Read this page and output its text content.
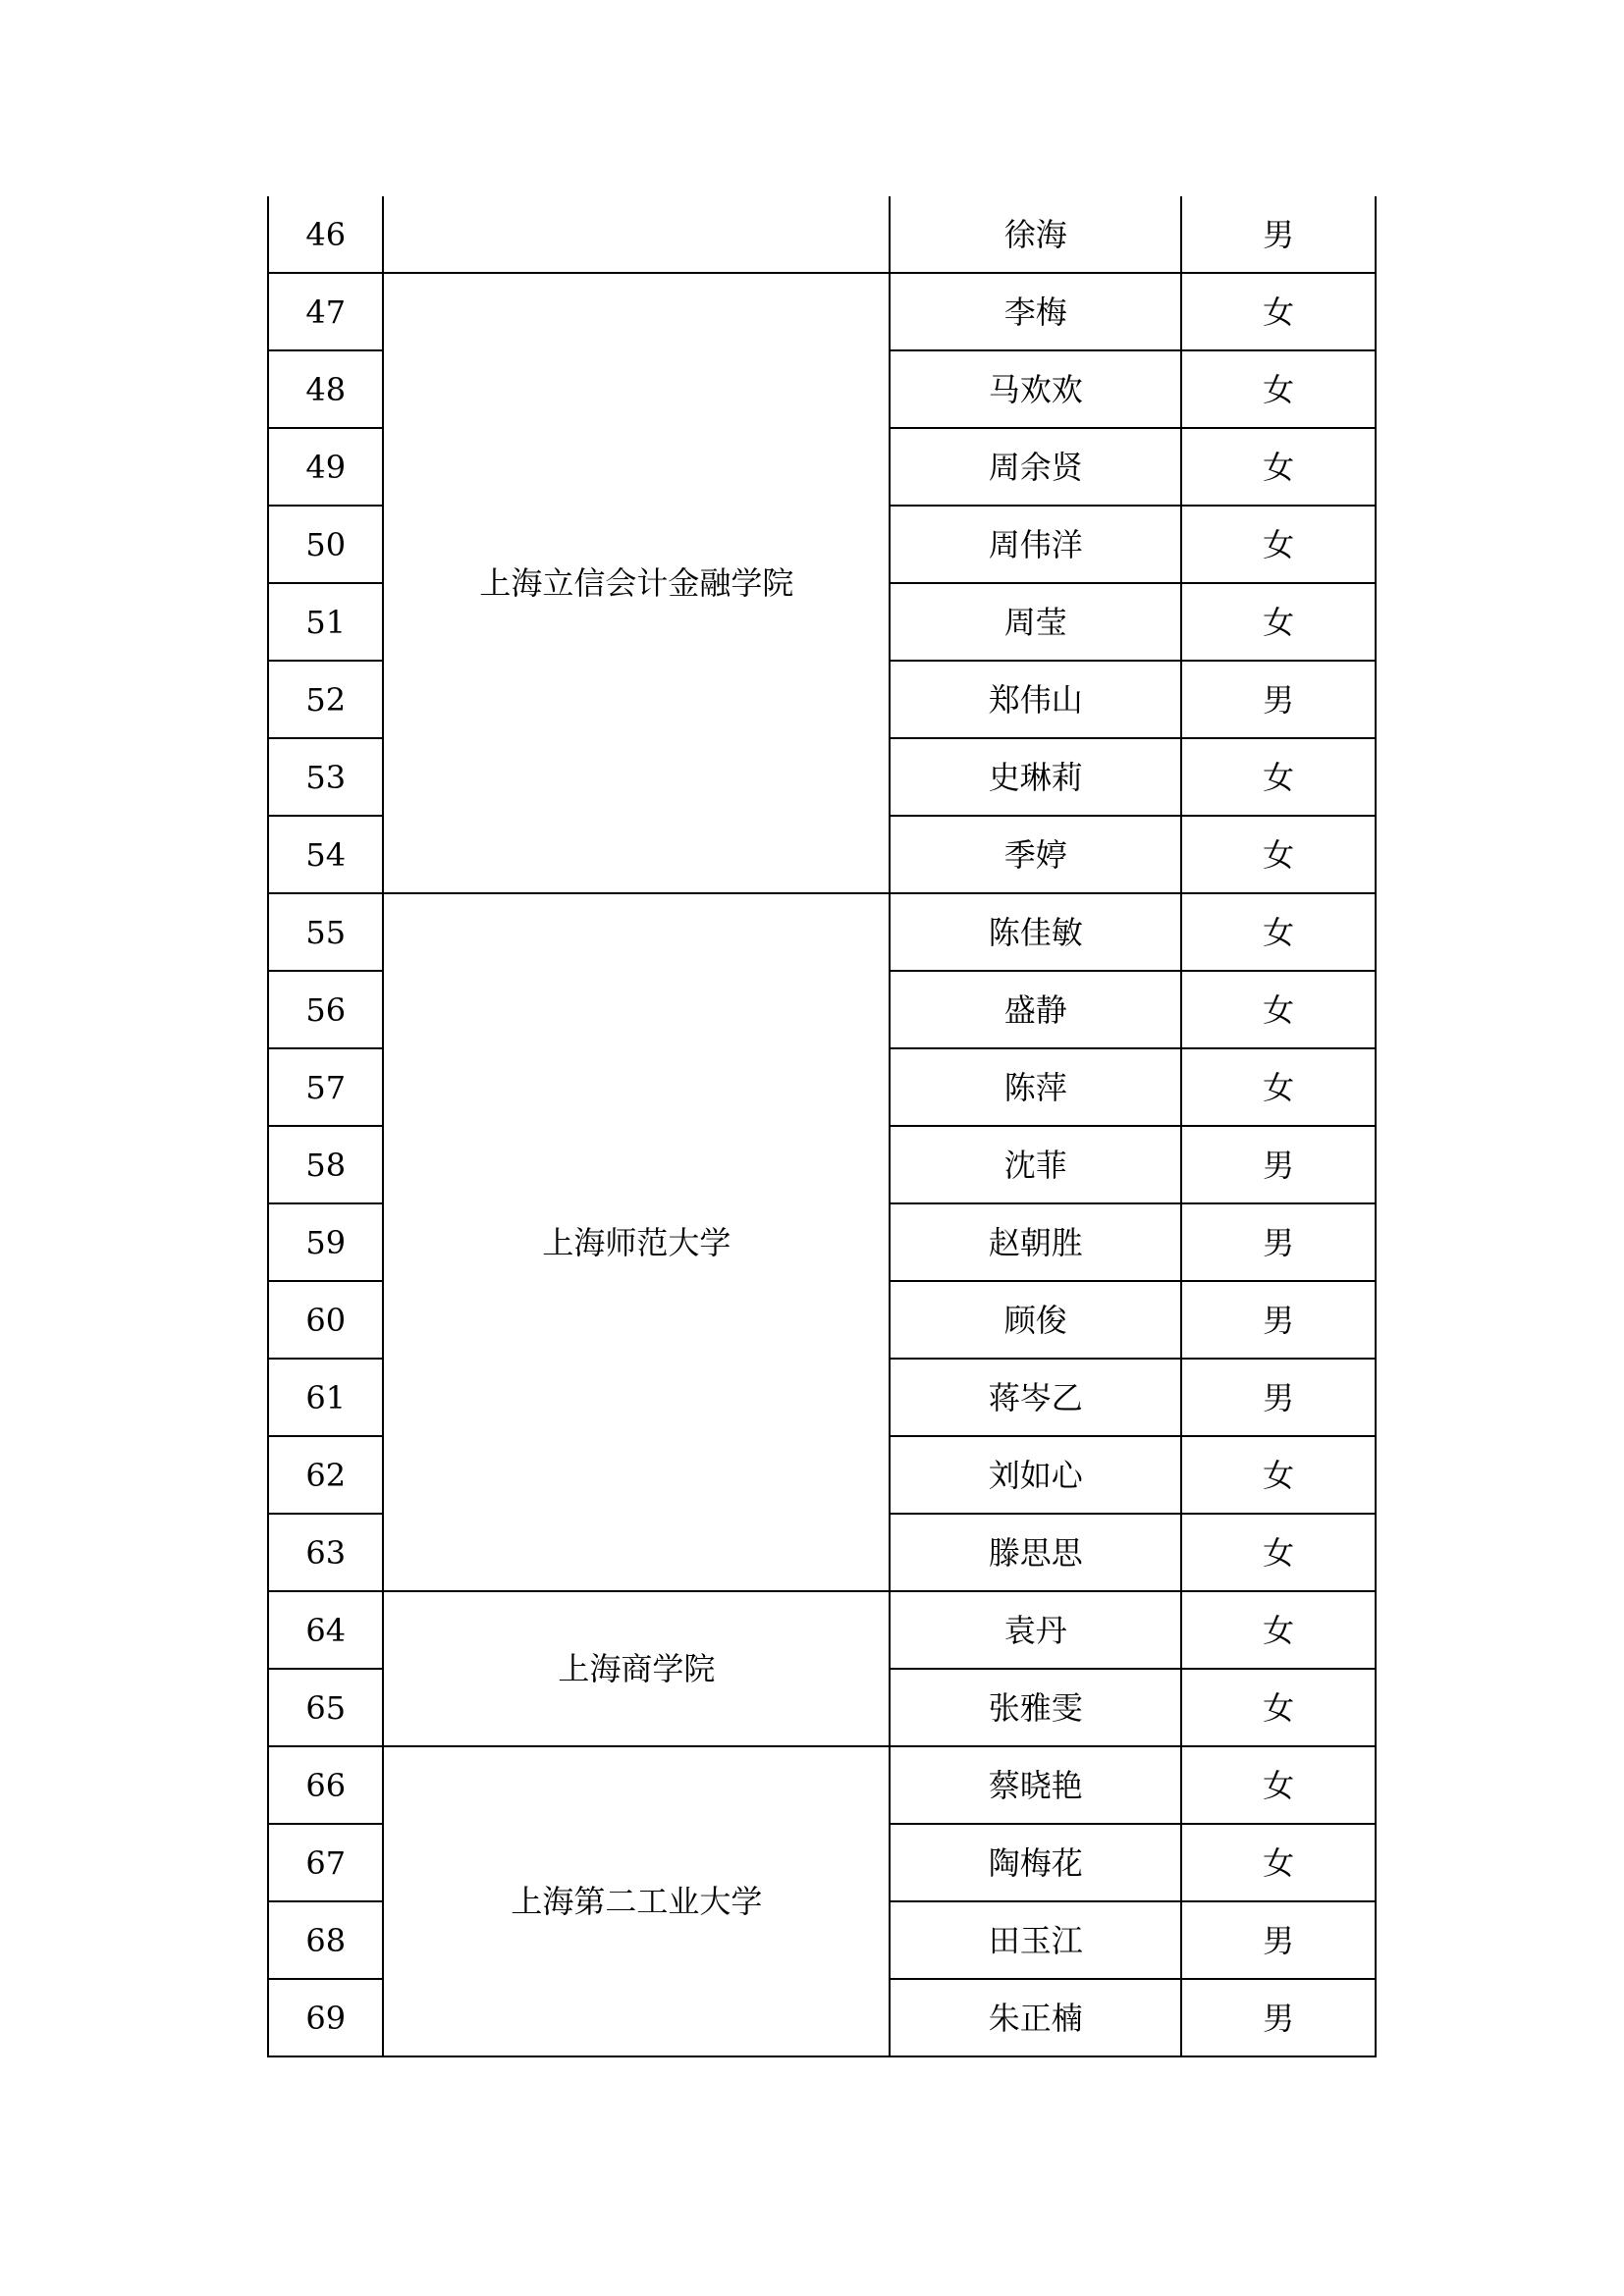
46		徐海	男
47	上海立信会计金融学院	李梅	女
48		马欢欢	女
49		周余贤	女
50		周伟洋	女
51		周莹	女
52		郑伟山	男
53		史琳莉	女
54		季婷	女
55	上海师范大学	陈佳敏	女
56		盛静	女
57		陈萍	女
58		沈菲	男
59		赵朝胜	男
60		顾俊	男
61		蒋岑乙	男
62		刘如心	女
63		滕思思	女
64	上海商学院	袁丹	女
65		张雅雯	女
66	上海第二工业大学	蔡晓艳	女
67		陶梅花	女
68		田玉江	男
69		朱正楠	男
